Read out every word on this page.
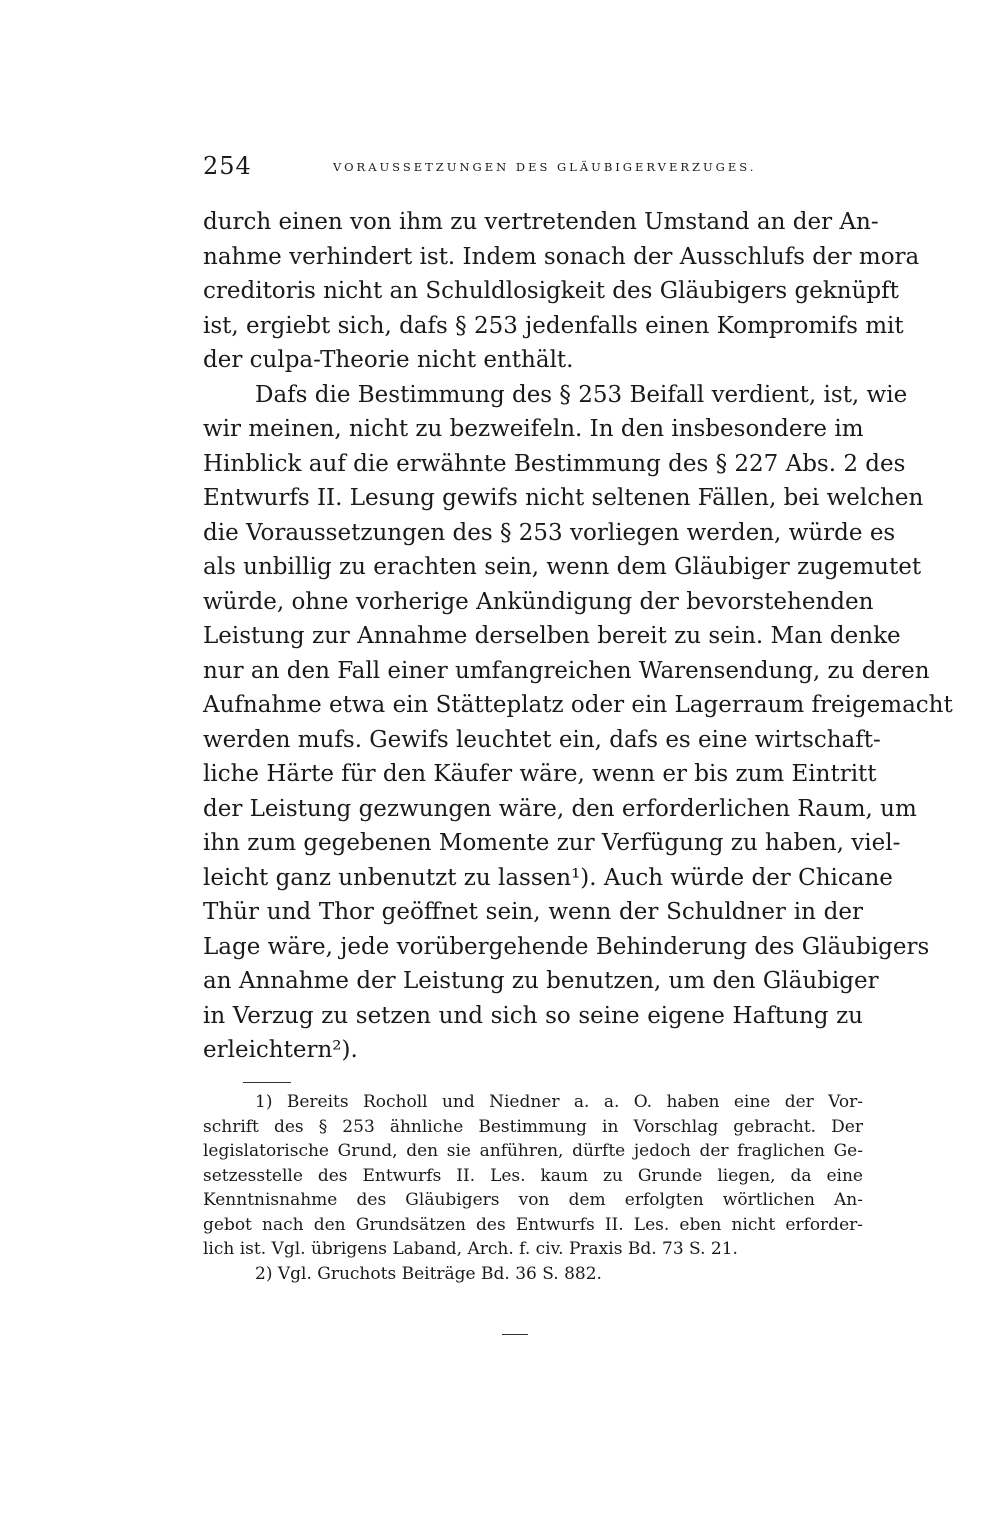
254	VORAUSSETZUNGEN DES GLÄUBIGERVERZUGES.
durch einen von ihm zu vertretenden Umstand an der An-
nahme verhindert ist. Indem sonach der Ausschlufs der mora
creditoris nicht an Schuldlosigkeit des Gläubigers geknüpft
ist, ergiebt sich, dafs § 253 jedenfalls einen Kompromifs mit
der culpa-Theorie nicht enthält.
Dafs die Bestimmung des § 253 Beifall verdient, ist, wie
wir meinen, nicht zu bezweifeln. In den insbesondere im
Hinblick auf die erwähnte Bestimmung des § 227 Abs. 2 des
Entwurfs II. Lesung gewifs nicht seltenen Fällen, bei welchen
die Voraussetzungen des § 253 vorliegen werden, würde es
als unbillig zu erachten sein, wenn dem Gläubiger zugemutet
würde, ohne vorherige Ankündigung der bevorstehenden
Leistung zur Annahme derselben bereit zu sein. Man denke
nur an den Fall einer umfangreichen Warensendung, zu deren
Aufnahme etwa ein Stätteplatz oder ein Lagerraum freigemacht
werden mufs. Gewifs leuchtet ein, dafs es eine wirtschaft-
liche Härte für den Käufer wäre, wenn er bis zum Eintritt
der Leistung gezwungen wäre, den erforderlichen Raum, um
ihn zum gegebenen Momente zur Verfügung zu haben, viel-
leicht ganz unbenutzt zu lassen¹). Auch würde der Chicane
Thür und Thor geöffnet sein, wenn der Schuldner in der
Lage wäre, jede vorübergehende Behinderung des Gläubigers
an Annahme der Leistung zu benutzen, um den Gläubiger
in Verzug zu setzen und sich so seine eigene Haftung zu
erleichtern²).
1) Bereits Rocholl und Niedner a. a. O. haben eine der Vor-
schrift des § 253 ähnliche Bestimmung in Vorschlag gebracht. Der
legislatorische Grund, den sie anführen, dürfte jedoch der fraglichen Ge-
setzesstelle des Entwurfs II. Les. kaum zu Grunde liegen, da eine
Kenntnisnahme des Gläubigers von dem erfolgten wörtlichen An-
gebot nach den Grundsätzen des Entwurfs II. Les. eben nicht erforder-
lich ist. Vgl. übrigens Laband, Arch. f. civ. Praxis Bd. 73 S. 21.
2) Vgl. Gruchots Beiträge Bd. 36 S. 882.
